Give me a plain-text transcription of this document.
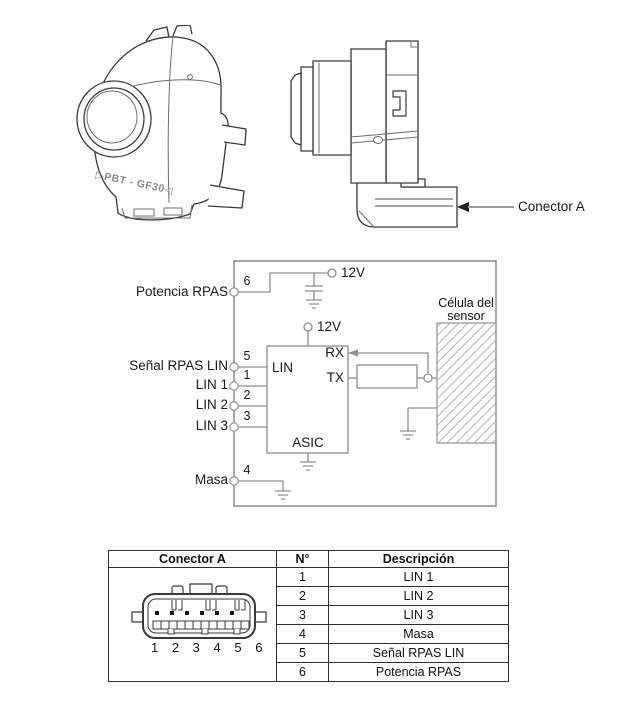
▷PBT - GF30◁
Conector A
Potencia RPAS
Señal RPAS LIN
LIN 1
LIN 2
LIN 3
Masa
6
5
1
2
3
4
12V
12V
LIN
RX
TX
ASIC
Célula del
sensor
Conector A	N°	Descripción

1 2 3 4 5 6	1	LIN 1
	2	LIN 2
	3	LIN 3
	4	Masa
	5	Señal RPAS LIN
	6	Potencia RPAS
